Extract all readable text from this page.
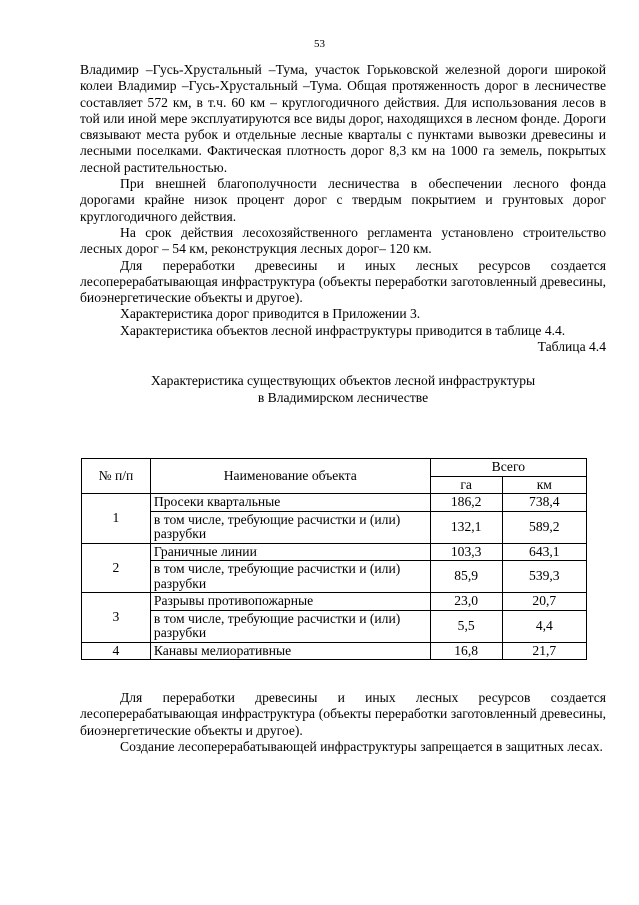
53

Владимир –Гусь-Хрустальный –Тума, участок Горьковской железной дороги широкой колеи Владимир –Гусь-Хрустальный –Тума. Общая протяженность дорог в лесничестве составляет 572 км, в т.ч. 60 км – круглогодичного действия. Для использования лесов в той или иной мере эксплуатируются все виды дорог, находящихся в лесном фонде. Дороги связывают места рубок и отдельные лесные кварталы с пунктами вывозки древесины и лесными поселками. Фактическая плотность дорог 8,3 км на 1000 га земель, покрытых лесной растительностью.

При внешней благополучности лесничества в обеспечении лесного фонда дорогами крайне низок процент дорог с твердым покрытием и грунтовых дорог круглогодичного действия.

На срок действия лесохозяйственного регламента установлено строительство лесных дорог – 54 км, реконструкция лесных дорог– 120 км.

Для переработки древесины и иных лесных ресурсов создается лесоперерабатывающая инфраструктура (объекты переработки заготовленный древесины, биоэнергетические объекты и другое).

Характеристика дорог приводится в Приложении 3.

Характеристика объектов лесной инфраструктуры приводится в таблице 4.4.

Таблица 4.4

Характеристика существующих объектов лесной инфраструктуры
в Владимирском лесничестве

№ п/п	Наименование объекта	Всего	
		га	км
1	Просеки квартальные	186,2	738,4
	в том числе, требующие расчистки и (или) разрубки	132,1	589,2
2	Граничные линии	103,3	643,1
	в том числе, требующие расчистки и (или) разрубки	85,9	539,3
3	Разрывы противопожарные	23,0	20,7
	в том числе, требующие расчистки и (или) разрубки	5,5	4,4
4	Канавы мелиоративные	16,8	21,7

Для переработки древесины и иных лесных ресурсов создается лесоперерабатывающая инфраструктура (объекты переработки заготовленный древесины, биоэнергетические объекты и другое).

Создание лесоперерабатывающей инфраструктуры запрещается в защитных лесах.
